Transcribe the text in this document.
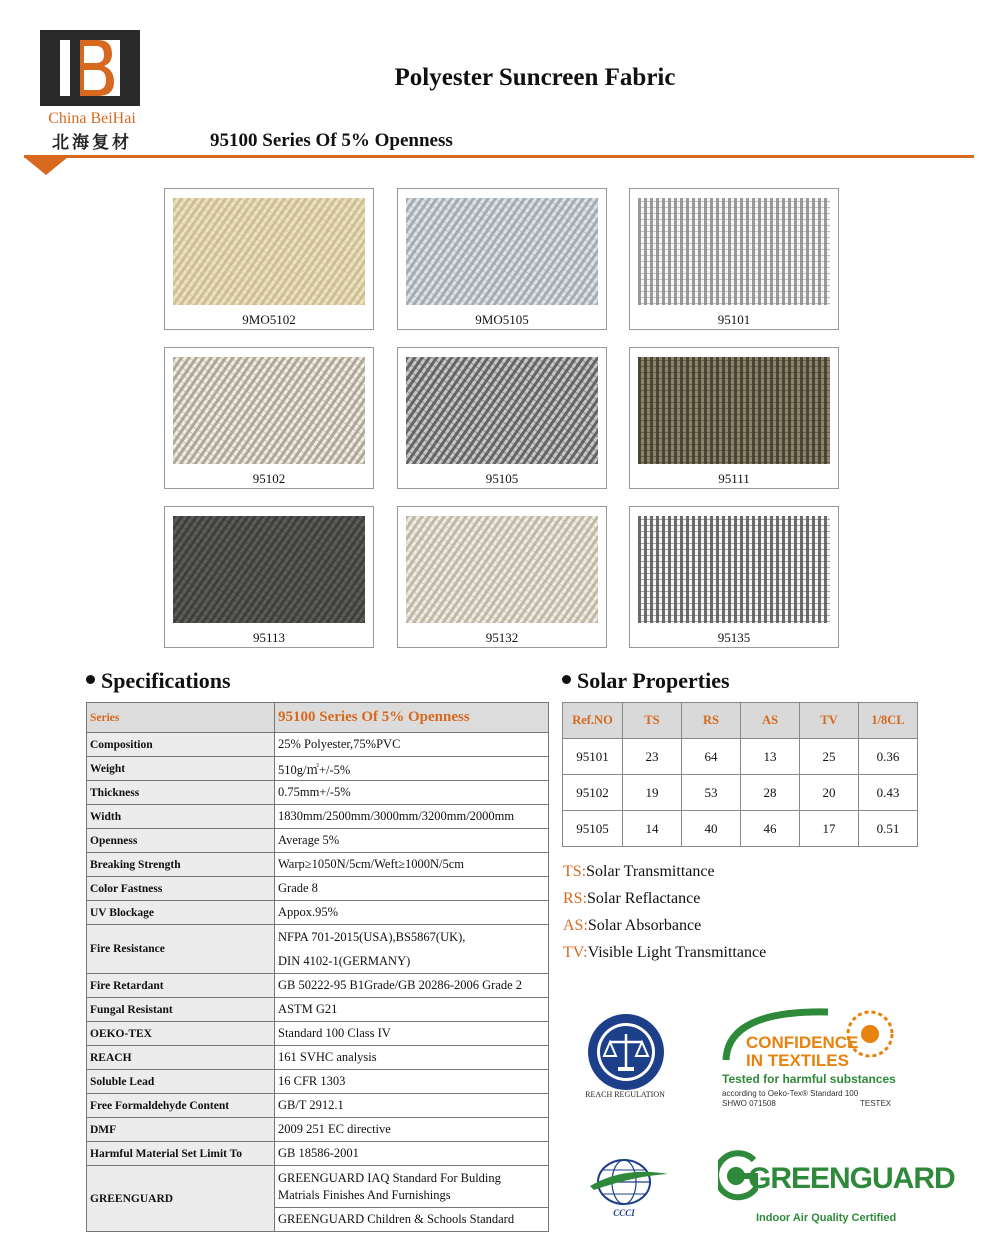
China BeiHai
北海复材
Polyester Suncreen Fabric
95100 Series Of 5% Openness
9MO5102	9MO5105	95101
95102	95105	95111
95113	95132	95135
Specifications
Series	95100 Series Of 5% Openness
Composition	25% Polyester,75%PVC
Weight	510g/㎡+/-5%
Thickness	0.75mm+/-5%
Width	1830mm/2500mm/3000mm/3200mm/2000mm
Openness	Average 5%
Breaking Strength	Warp≥1050N/5cm/Weft≥1000N/5cm
Color Fastness	Grade 8
UV Blockage	Appox.95%
Fire Resistance	NFPA 701-2015(USA),BS5867(UK),
DIN 4102-1(GERMANY)

Fire Retardant	GB 50222-95 B1Grade/GB 20286-2006 Grade 2
Fungal Resistant	ASTM G21
OEKO-TEX	Standard 100 Class IV
REACH	161 SVHC analysis
Soluble Lead	16 CFR 1303
Free Formaldehyde Content	GB/T 2912.1
DMF	2009 251 EC directive
Harmful Material Set Limit To	GB 18586-2001
GREENGUARD	GREENGUARD IAQ Standard For Bulding Matrials Finishes And Furnishings
GREENGUARD Children & Schools Standard
Solar Properties
Ref.NO	TS	RS	AS	TV	1/8CL
95101	23	64	13	25	0.36
95102	19	53	28	20	0.43
95105	14	40	46	17	0.51
TS:Solar Transmittance
RS:Solar Reflactance
AS:Solar Absorbance
TV:Visible Light Transmittance
REACH REGULATION
CONFIDENCE
IN TEXTILES
Tested for harmful substances
according to Oeko-Tex® Standard 100
SHWO 071508	TESTEX
CCCI
GREENGUARD
Indoor Air Quality Certified
